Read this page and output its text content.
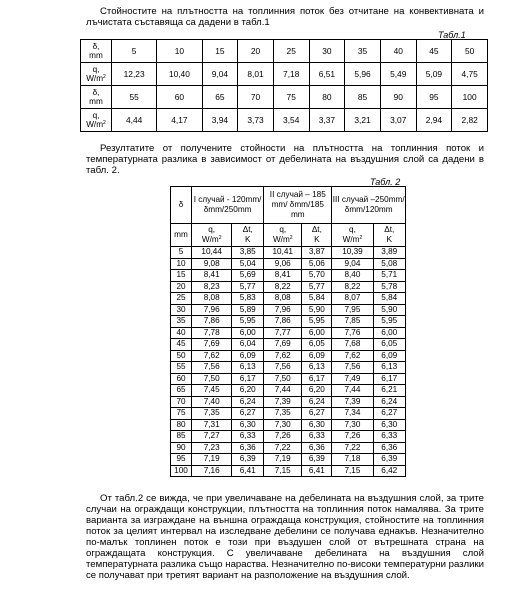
Стойностите на плътността на топлинния поток без отчитане на конвективната и лъчистата съставяща са дадени в табл.1

Табл.1
δ,
mm	5	10	15	20	25	30	35	40	45	50
q,
$W/m^2$	12,23	10,40	9,04	8,01	7,18	6,51	5,96	5,49	5,09	4,75
δ,
mm	55	60	65	70	75	80	85	90	95	100
q,
$W/m^2$	4,44	4,17	3,94	3,73	3,54	3,37	3,21	3,07	2,94	2,82

Резултатите от получените стойности на плътността на топлинния поток и температурната разлика в зависимост от дебелината на въздушния слой са дадени в табл. 2.

Табл. 2
δ	I случай - 120mm/ δmm/250mm		II случай – 185 mm/ δmm/185 mm		III случай –250mm/ δmm/120mm	
mm	q,
$W/m^2$	Δt,
K	q,
$W/m^2$	Δt,
K	q,
$W/m^2$	Δt,
K
5	10,44	3,85	10,41	3,87	10,39	3,89
10	9,08	5,04	9,06	5,06	9,04	5,08
15	8,41	5,69	8,41	5,70	8,40	5,71
20	8,23	5,77	8,22	5,77	8,22	5,78
25	8,08	5,83	8,08	5,84	8,07	5,84
30	7,96	5,89	7,96	5,90	7,95	5,90
35	7,86	5,95	7,86	5,95	7,85	5,95
40	7,78	6,00	7,77	6,00	7,76	6,00
45	7,69	6,04	7,69	6,05	7,68	6,05
50	7,62	6,09	7,62	6,09	7,62	6,09
55	7,56	6,13	7,56	6,13	7,56	6,13
60	7,50	6,17	7,50	6,17	7,49	6,17
65	7,45	6,20	7,44	6,20	7,44	6,21
70	7,40	6,24	7,39	6,24	7,39	6,24
75	7,35	6,27	7,35	6,27	7,34	6,27
80	7,31	6,30	7,30	6,30	7,30	6,30
85	7,27	6,33	7,26	6,33	7,26	6,33
90	7,23	6,36	7,22	6,36	7,22	6,36
95	7,19	6,39	7,19	6,39	7,18	6,39
100	7,16	6,41	7,15	6,41	7,15	6,42

От табл.2 се вижда, че при увеличаване на дебелината на въздушния слой, за трите случаи на ограждащи конструкции, плътността на топлинния поток намалява. За трите варианта за изграждане на външна ограждаща конструкция, стойностите на топлинния поток за целият интервал на изследване дебелини се получава еднакъв. Незначително по-малък топлинен поток е този при въздушен слой от вътрешната страна на ограждащата конструкция. С увеличаване дебелината на въздушния слой температурната разлика също нараства. Незначително по-високи температурни разлики се получават при третият вариант на разположение на въздушния слой.
